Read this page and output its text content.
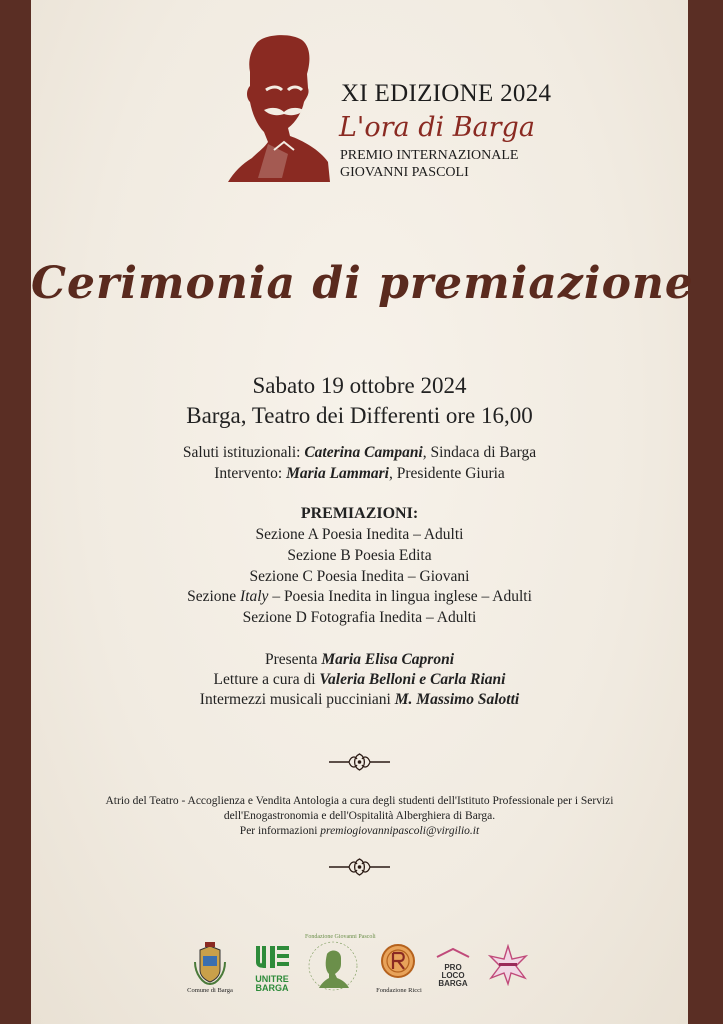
XI EDIZIONE 2024
L'ora di Barga
PREMIO INTERNAZIONALE
GIOVANNI PASCOLI
Cerimonia di premiazione
Sabato 19 ottobre 2024
Barga, Teatro dei Differenti ore 16,00
Saluti istituzionali: Caterina Campani, Sindaca di Barga
Intervento: Maria Lammari, Presidente Giuria
PREMIAZIONI:
Sezione A Poesia Inedita – Adulti
Sezione B Poesia Edita
Sezione C Poesia Inedita – Giovani
Sezione Italy – Poesia Inedita in lingua inglese – Adulti
Sezione D Fotografia Inedita – Adulti
Presenta Maria Elisa Caproni
Letture a cura di Valeria Belloni e Carla Riani
Intermezzi musicali pucciniani M. Massimo Salotti
Atrio del Teatro - Accoglienza e Vendita Antologia a cura degli studenti dell'Istituto Professionale per i Servizi
dell'Enogastronomia e dell'Ospitalità Alberghiera di Barga.
Per informazioni premiogiovannipascoli@virgilio.it
Comune di Barga
UNITRE
BARGA
Fondazione Giovanni Pascoli
Fondazione Ricci
PRO
LOCO
BARGA
